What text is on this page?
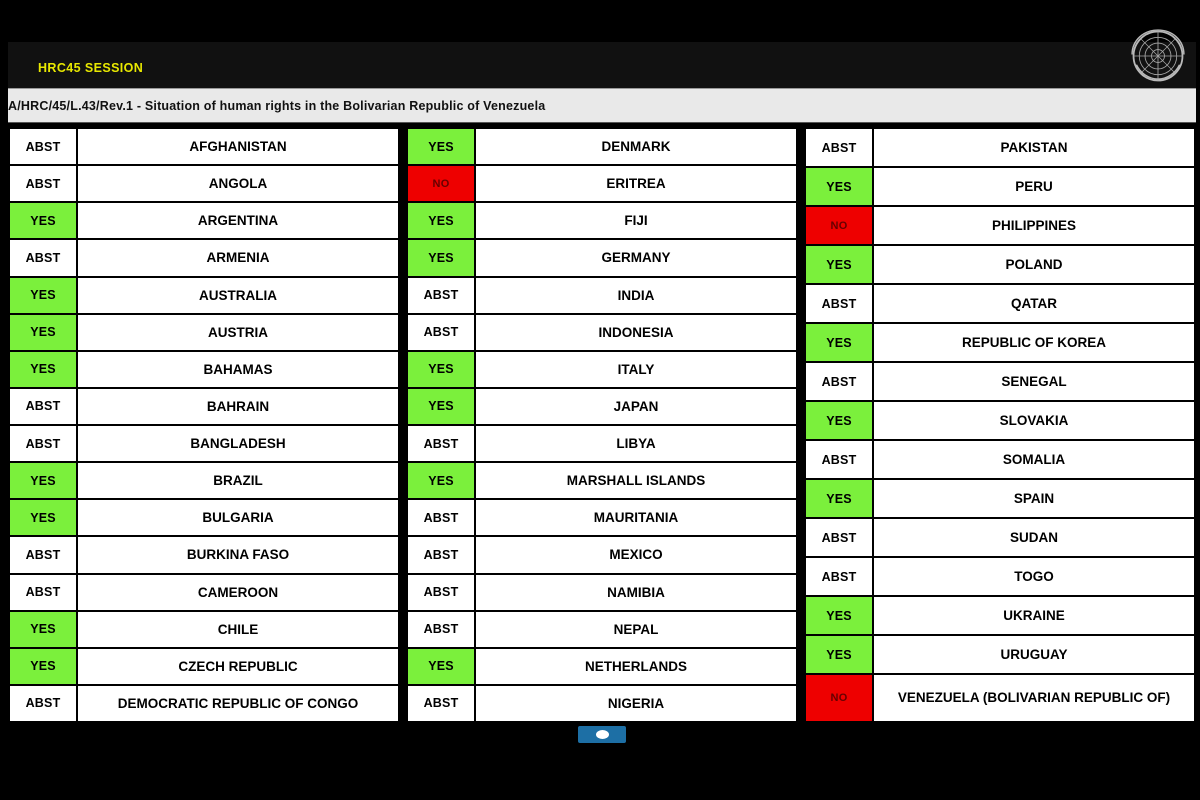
HRC45 SESSION
A/HRC/45/L.43/Rev.1 - Situation of human rights in the Bolivarian Republic of Venezuela
ABST	AFGHANISTAN
ABST	ANGOLA
YES	ARGENTINA
ABST	ARMENIA
YES	AUSTRALIA
YES	AUSTRIA
YES	BAHAMAS
ABST	BAHRAIN
ABST	BANGLADESH
YES	BRAZIL
YES	BULGARIA
ABST	BURKINA FASO
ABST	CAMEROON
YES	CHILE
YES	CZECH REPUBLIC
ABST	DEMOCRATIC REPUBLIC OF CONGO
YES	DENMARK
NO	ERITREA
YES	FIJI
YES	GERMANY
ABST	INDIA
ABST	INDONESIA
YES	ITALY
YES	JAPAN
ABST	LIBYA
YES	MARSHALL ISLANDS
ABST	MAURITANIA
ABST	MEXICO
ABST	NAMIBIA
ABST	NEPAL
YES	NETHERLANDS
ABST	NIGERIA
ABST	PAKISTAN
YES	PERU
NO	PHILIPPINES
YES	POLAND
ABST	QATAR
YES	REPUBLIC OF KOREA
ABST	SENEGAL
YES	SLOVAKIA
ABST	SOMALIA
YES	SPAIN
ABST	SUDAN
ABST	TOGO
YES	UKRAINE
YES	URUGUAY
NO	VENEZUELA (BOLIVARIAN REPUBLIC OF)
